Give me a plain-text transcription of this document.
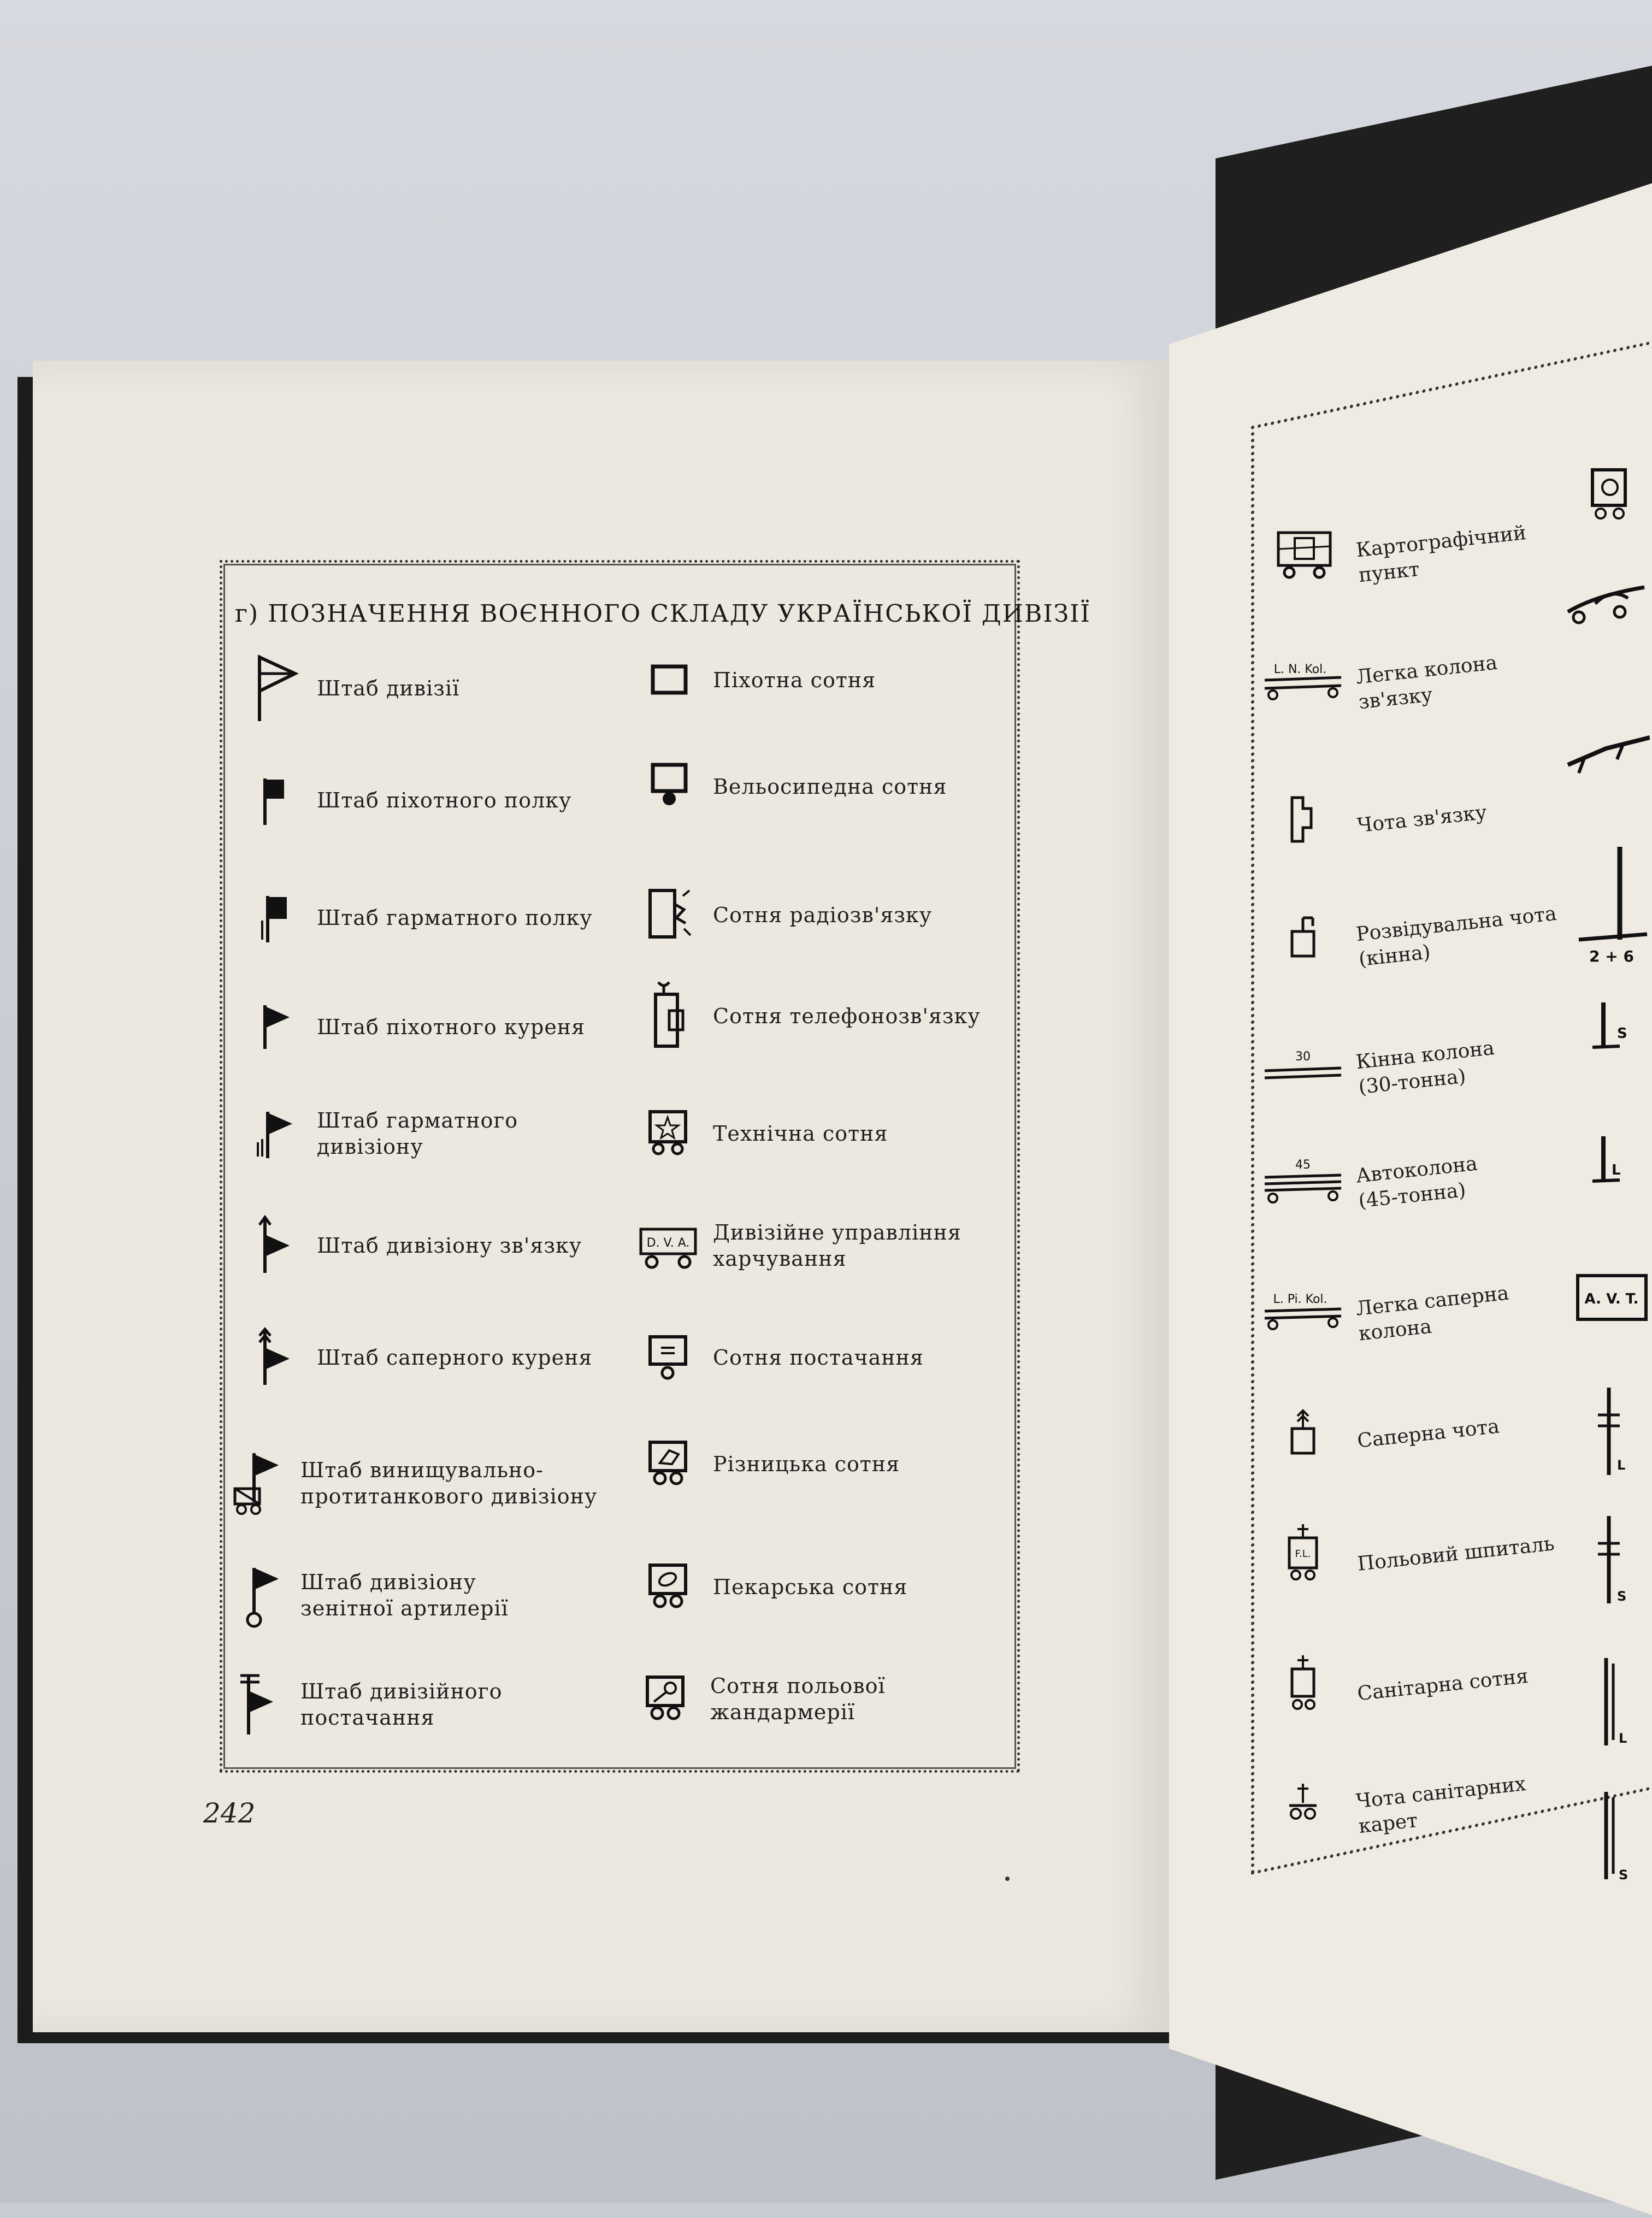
г) ПОЗНАЧЕННЯ ВОЄННОГО СКЛАДУ УКРАЇНСЬКОЇ ДИВІЗІЇ
Штаб дивізії
Штаб піхотного полку
Штаб гарматного полку
Штаб піхотного куреня
Штаб гарматного
дивізіону
Штаб дивізіону зв'язку
Штаб саперного куреня
Штаб винищувально-
протитанкового дивізіону
Штаб дивізіону
зенітної артилерії
Штаб дивізійного
постачання
Піхотна сотня
Вельосипедна сотня
Сотня радіозв'язку
Сотня телефонозв'язку
Технічна сотня
D. V. A. Дивізійне управління
харчування
Сотня постачання
Різницька сотня
Пекарська сотня
Сотня польової
жандармерії
242
Картографічний
пункт
L. N. Kol. Легка колона
зв'язку
Чота зв'язку
Розвідувальна чота
(кінна)
30 Кінна колона
(30-тонна)
45 Автоколона
(45-тонна)
L. Pi. Kol. Легка саперна
колона
Саперна чота
F.L. Польовий шпиталь
Санітарна сотня
Чота санітарних
карет
2 + 6
S
L
A. V. T.
L
S
L
S
